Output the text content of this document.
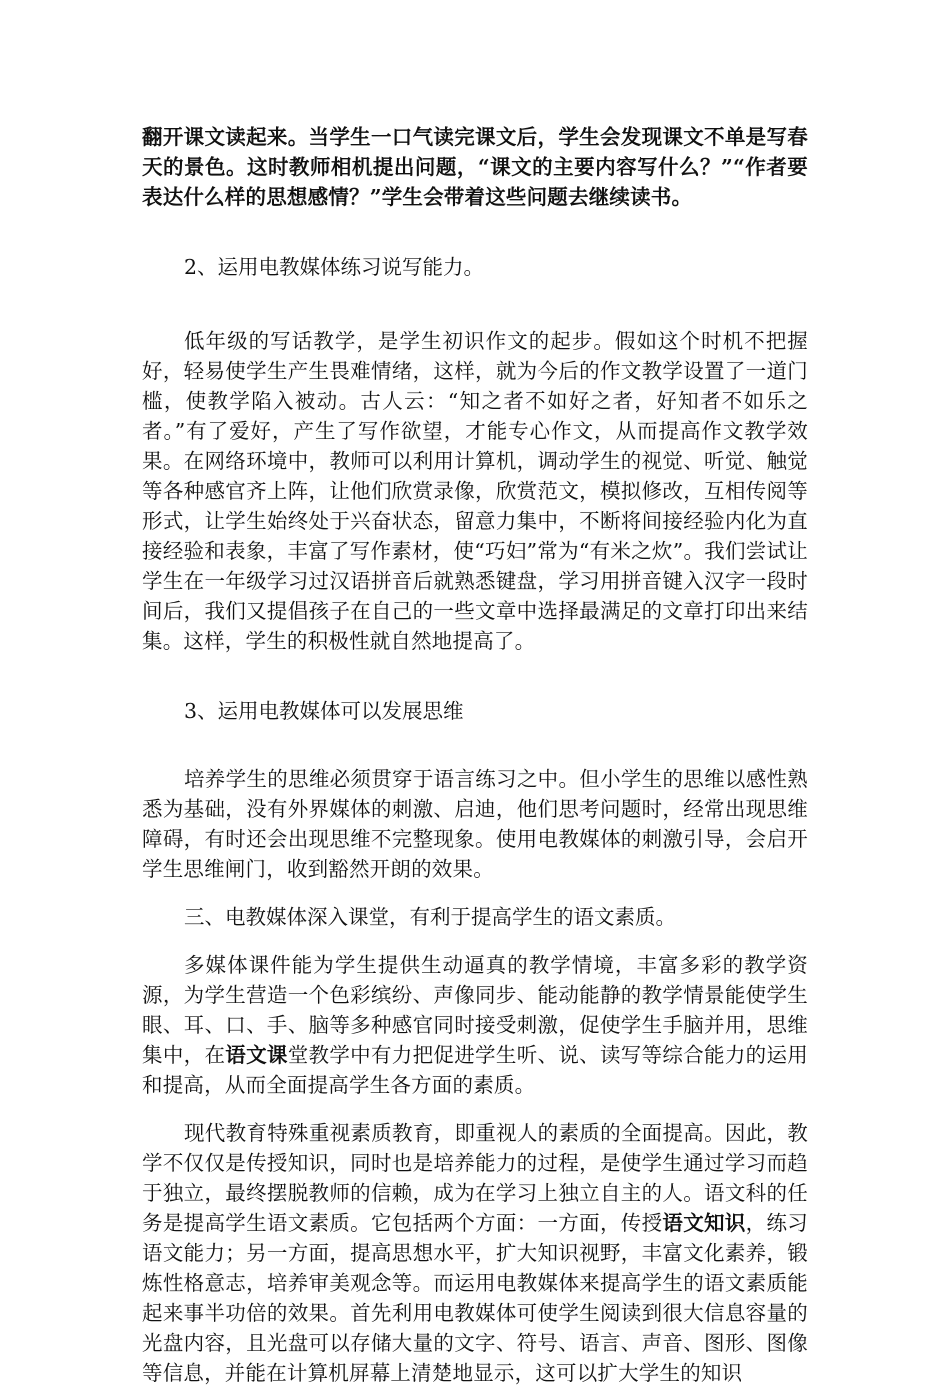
翻开课文读起来。当学生一口气读完课文后，学生会发现课文不单是写春天的景色。这时教师相机提出问题，“课文的主要内容写什么？”“作者要表达什么样的思想感情？”学生会带着这些问题去继续读书。

2、运用电教媒体练习说写能力。

低年级的写话教学，是学生初识作文的起步。假如这个时机不把握好，轻易使学生产生畏难情绪，这样，就为今后的作文教学设置了一道门槛，使教学陷入被动。古人云：“知之者不如好之者，好知者不如乐之者。”有了爱好，产生了写作欲望，才能专心作文，从而提高作文教学效果。在网络环境中，教师可以利用计算机，调动学生的视觉、听觉、触觉等各种感官齐上阵，让他们欣赏录像，欣赏范文，模拟修改，互相传阅等形式，让学生始终处于兴奋状态，留意力集中，不断将间接经验内化为直接经验和表象，丰富了写作素材，使“巧妇”常为“有米之炊”。我们尝试让学生在一年级学习过汉语拼音后就熟悉键盘，学习用拼音键入汉字一段时间后，我们又提倡孩子在自己的一些文章中选择最满足的文章打印出来结集。这样，学生的积极性就自然地提高了。

3、运用电教媒体可以发展思维

培养学生的思维必须贯穿于语言练习之中。但小学生的思维以感性熟悉为基础，没有外界媒体的刺激、启迪，他们思考问题时，经常出现思维障碍，有时还会出现思维不完整现象。使用电教媒体的刺激引导，会启开学生思维闸门，收到豁然开朗的效果。

三、电教媒体深入课堂，有利于提高学生的语文素质。

多媒体课件能为学生提供生动逼真的教学情境，丰富多彩的教学资源，为学生营造一个色彩缤纷、声像同步、能动能静的教学情景能使学生眼、耳、口、手、脑等多种感官同时接受刺激，促使学生手脑并用，思维集中，在语文课堂教学中有力把促进学生听、说、读写等综合能力的运用和提高，从而全面提高学生各方面的素质。

现代教育特殊重视素质教育，即重视人的素质的全面提高。因此，教学不仅仅是传授知识，同时也是培养能力的过程，是使学生通过学习而趋于独立，最终摆脱教师的信赖，成为在学习上独立自主的人。语文科的任务是提高学生语文素质。它包括两个方面：一方面，传授语文知识，练习语文能力；另一方面，提高思想水平，扩大知识视野，丰富文化素养，锻炼性格意志，培养审美观念等。而运用电教媒体来提高学生的语文素质能起来事半功倍的效果。首先利用电教媒体可使学生阅读到很大信息容量的光盘内容，且光盘可以存储大量的文字、符号、语言、声音、图形、图像等信息，并能在计算机屏幕上清楚地显示，这可以扩大学生的知识
